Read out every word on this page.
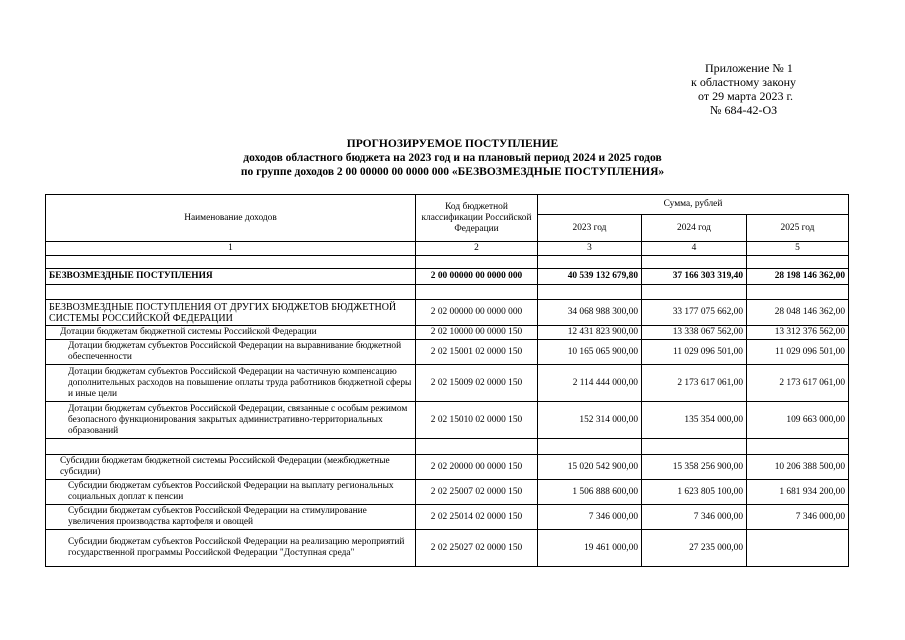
Приложение № 1
к областному закону
от 29 марта 2023 г.
№ 684-42-ОЗ
ПРОГНОЗИРУЕМОЕ ПОСТУПЛЕНИЕ
доходов областного бюджета на 2023 год и на плановый период 2024 и 2025 годов
по группе доходов 2 00 00000 00 0000 000 «БЕЗВОЗМЕЗДНЫЕ ПОСТУПЛЕНИЯ»
Наименование доходов	Код бюджетной классификации Российской Федерации	Сумма, рублей		
		2023 год	2024 год	2025 год
1	2	3	4	5

БЕЗВОЗМЕЗДНЫЕ ПОСТУПЛЕНИЯ	2 00 00000 00 0000 000	40 539 132 679,80	37 166 303 319,40	28 198 146 362,00

БЕЗВОЗМЕЗДНЫЕ ПОСТУПЛЕНИЯ ОТ ДРУГИХ БЮДЖЕТОВ БЮДЖЕТНОЙ СИСТЕМЫ РОССИЙСКОЙ ФЕДЕРАЦИИ	2 02 00000 00 0000 000	34 068 988 300,00	33 177 075 662,00	28 048 146 362,00
Дотации бюджетам бюджетной системы Российской Федерации	2 02 10000 00 0000 150	12 431 823 900,00	13 338 067 562,00	13 312 376 562,00
Дотации бюджетам субъектов Российской Федерации на выравнивание бюджетной обеспеченности	2 02 15001 02 0000 150	10 165 065 900,00	11 029 096 501,00	11 029 096 501,00
Дотации бюджетам субъектов Российской Федерации на частичную компенсацию дополнительных расходов на повышение оплаты труда работников бюджетной сферы и иные цели	2 02 15009 02 0000 150	2 114 444 000,00	2 173 617 061,00	2 173 617 061,00
Дотации бюджетам субъектов Российской Федерации, связанные с особым режимом безопасного функционирования закрытых административно-территориальных образований	2 02 15010 02 0000 150	152 314 000,00	135 354 000,00	109 663 000,00

Субсидии бюджетам бюджетной системы Российской Федерации (межбюджетные субсидии)	2 02 20000 00 0000 150	15 020 542 900,00	15 358 256 900,00	10 206 388 500,00
Субсидии бюджетам субъектов Российской Федерации на выплату региональных социальных доплат к пенсии	2 02 25007 02 0000 150	1 506 888 600,00	1 623 805 100,00	1 681 934 200,00
Субсидии бюджетам субъектов Российской Федерации на стимулирование увеличения производства картофеля и овощей	2 02 25014 02 0000 150	7 346 000,00	7 346 000,00	7 346 000,00
Субсидии бюджетам субъектов Российской Федерации на реализацию мероприятий государственной программы Российской Федерации "Доступная среда"	2 02 25027 02 0000 150	19 461 000,00	27 235 000,00	
